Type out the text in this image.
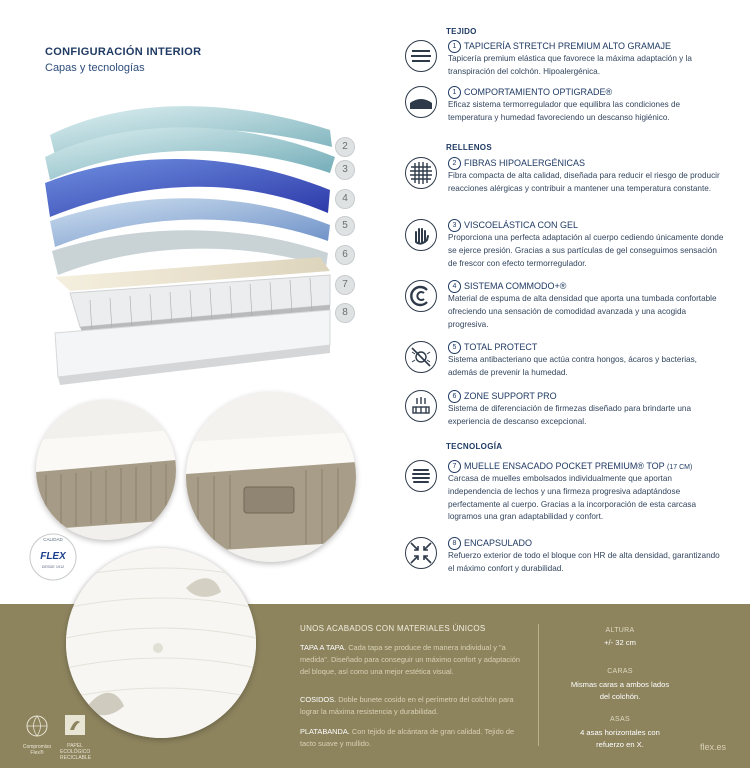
CONFIGURACIÓN INTERIOR
Capas y tecnologías
2
3
4
5
6
7
8
CALIDAD
FLEX
DESDE 1912
TEJIDO
RELLENOS
TECNOLOGÍA
1 TAPICERÍA STRETCH PREMIUM ALTO GRAMAJE
Tapicería premium elástica que favorece la máxima adaptación y la transpiración del colchón. Hipoalergénica.
1 COMPORTAMIENTO OPTIGRADE®
Eficaz sistema termorregulador que equilibra las condiciones de temperatura y humedad favoreciendo un descanso higiénico.
2 FIBRAS HIPOALERGÉNICAS
Fibra compacta de alta calidad, diseñada para reducir el riesgo de producir reacciones alérgicas y contribuir a mantener una temperatura constante.
3 VISCOELÁSTICA CON GEL
Proporciona una perfecta adaptación al cuerpo cediendo únicamente donde se ejerce presión. Gracias a sus partículas de gel conseguimos sensación de frescor con efecto termorregulador.
4 SISTEMA COMMODO+®
Material de espuma de alta densidad que aporta una tumbada confortable ofreciendo una sensación de comodidad avanzada y una acogida progresiva.
5 TOTAL PROTECT
Sistema antibacteriano que actúa contra hongos, ácaros y bacterias, además de prevenir la humedad.
6 ZONE SUPPORT PRO
Sistema de diferenciación de firmezas diseñado para brindarte una experiencia de descanso excepcional.
7 MUELLE ENSACADO POCKET PREMIUM® TOP (17 CM)
Carcasa de muelles embolsados individualmente que aportan independencia de lechos y una firmeza progresiva adaptándose perfectamente al cuerpo. Gracias a la incorporación de esta carcasa logramos una gran adaptabilidad y confort.
8 ENCAPSULADO
Refuerzo exterior de todo el bloque con HR de alta densidad, garantizando el máximo confort y durabilidad.
UNOS ACABADOS CON MATERIALES ÚNICOS
TAPA A TAPA. Cada tapa se produce de manera individual y "a medida". Diseñado para conseguir un máximo confort y adaptación del bloque, así como una mejor estética visual.
COSIDOS. Doble bunete cosido en el perímetro del colchón para lograr la máxima resistencia y durabilidad.
PLATABANDA. Con tejido de alcántara de gran calidad. Tejido de tacto suave y mullido.
ALTURA
+/- 32 cm
CARAS
Mismas caras a ambos lados del colchón.
ASAS
4 asas horizontales con refuerzo en X.	flex.es
Compromiso Flex®
PAPEL ECOLÓGICO RECICLABLE
